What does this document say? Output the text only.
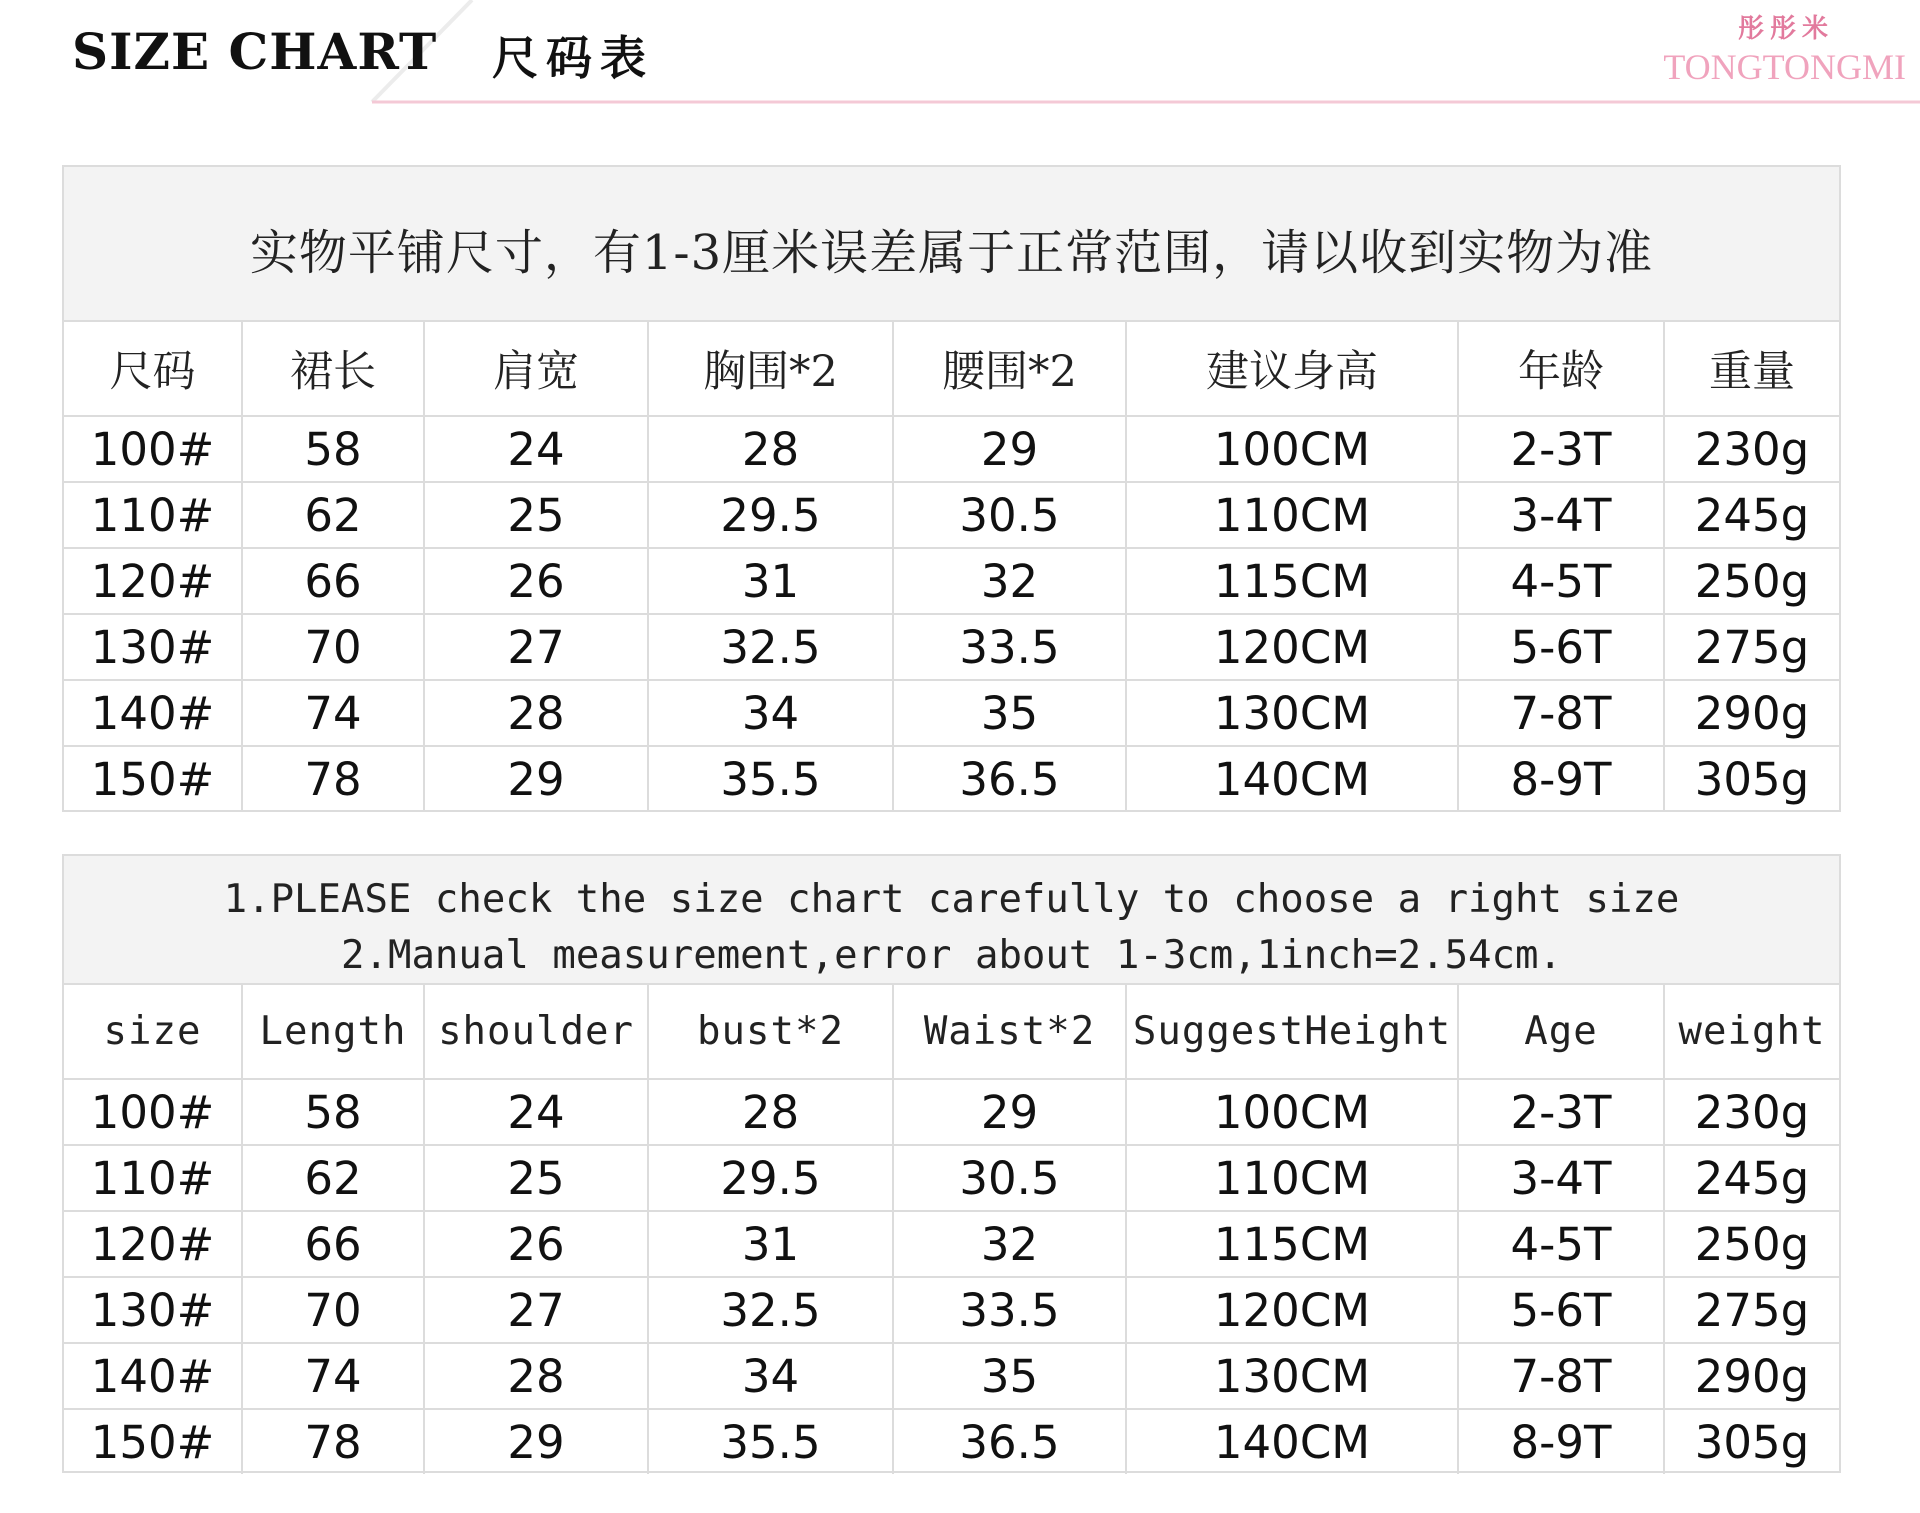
SIZE CHART 尺码表
彤彤米
TONGTONGMI
实物平铺尺寸，有1-3厘米误差属于正常范围，请以收到实物为准
尺码	裙长	肩宽	胸围*2	腰围*2	建议身高	年龄	重量
100#	58	24	28	29	100CM	2-3T	230g
110#	62	25	29.5	30.5	110CM	3-4T	245g
120#	66	26	31	32	115CM	4-5T	250g
130#	70	27	32.5	33.5	120CM	5-6T	275g
140#	74	28	34	35	130CM	7-8T	290g
150#	78	29	35.5	36.5	140CM	8-9T	305g
1.PLEASE check the size chart carefully to choose a right size
2.Manual measurement,error about 1-3cm,1inch=2.54cm.
size	Length	shoulder	bust*2	Waist*2	SuggestHeight	Age	weight
100#	58	24	28	29	100CM	2-3T	230g
110#	62	25	29.5	30.5	110CM	3-4T	245g
120#	66	26	31	32	115CM	4-5T	250g
130#	70	27	32.5	33.5	120CM	5-6T	275g
140#	74	28	34	35	130CM	7-8T	290g
150#	78	29	35.5	36.5	140CM	8-9T	305g
